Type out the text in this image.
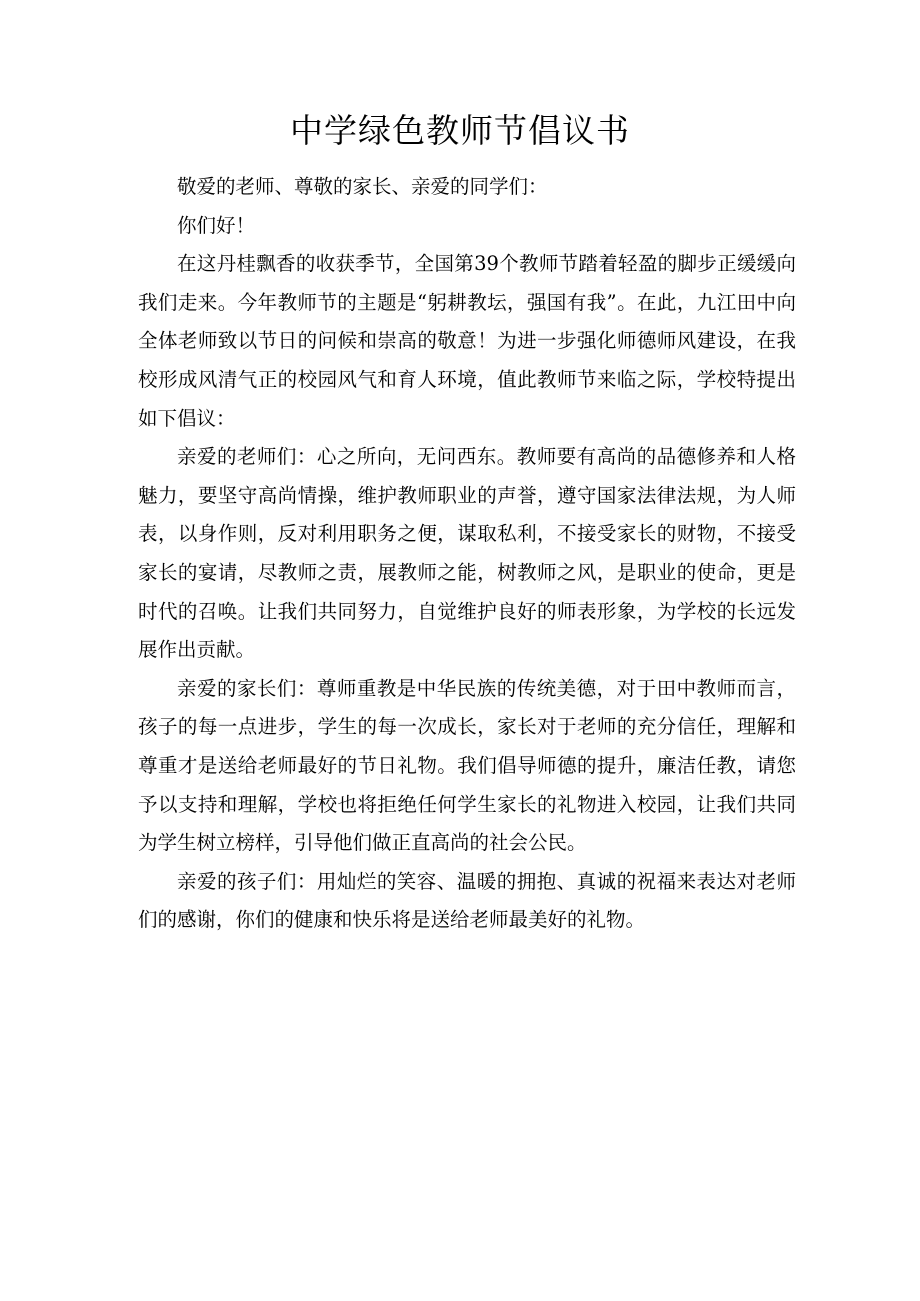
中学绿色教师节倡议书

敬爱的老师、尊敬的家长、亲爱的同学们：

你们好！

在这丹桂飘香的收获季节，全国第39个教师节踏着轻盈的脚步正缓缓向我们走来。今年教师节的主题是“躬耕教坛，强国有我”。在此，九江田中向全体老师致以节日的问候和崇高的敬意！为进一步强化师德师风建设，在我校形成风清气正的校园风气和育人环境，值此教师节来临之际，学校特提出如下倡议：

亲爱的老师们：心之所向，无问西东。教师要有高尚的品德修养和人格魅力，要坚守高尚情操，维护教师职业的声誉，遵守国家法律法规，为人师表，以身作则，反对利用职务之便，谋取私利，不接受家长的财物，不接受家长的宴请，尽教师之责，展教师之能，树教师之风，是职业的使命，更是时代的召唤。让我们共同努力，自觉维护良好的师表形象，为学校的长远发展作出贡献。

亲爱的家长们：尊师重教是中华民族的传统美德，对于田中教师而言，孩子的每一点进步，学生的每一次成长，家长对于老师的充分信任，理解和尊重才是送给老师最好的节日礼物。我们倡导师德的提升，廉洁任教，请您予以支持和理解，学校也将拒绝任何学生家长的礼物进入校园，让我们共同为学生树立榜样，引导他们做正直高尚的社会公民。

亲爱的孩子们：用灿烂的笑容、温暖的拥抱、真诚的祝福来表达对老师们的感谢，你们的健康和快乐将是送给老师最美好的礼物。
